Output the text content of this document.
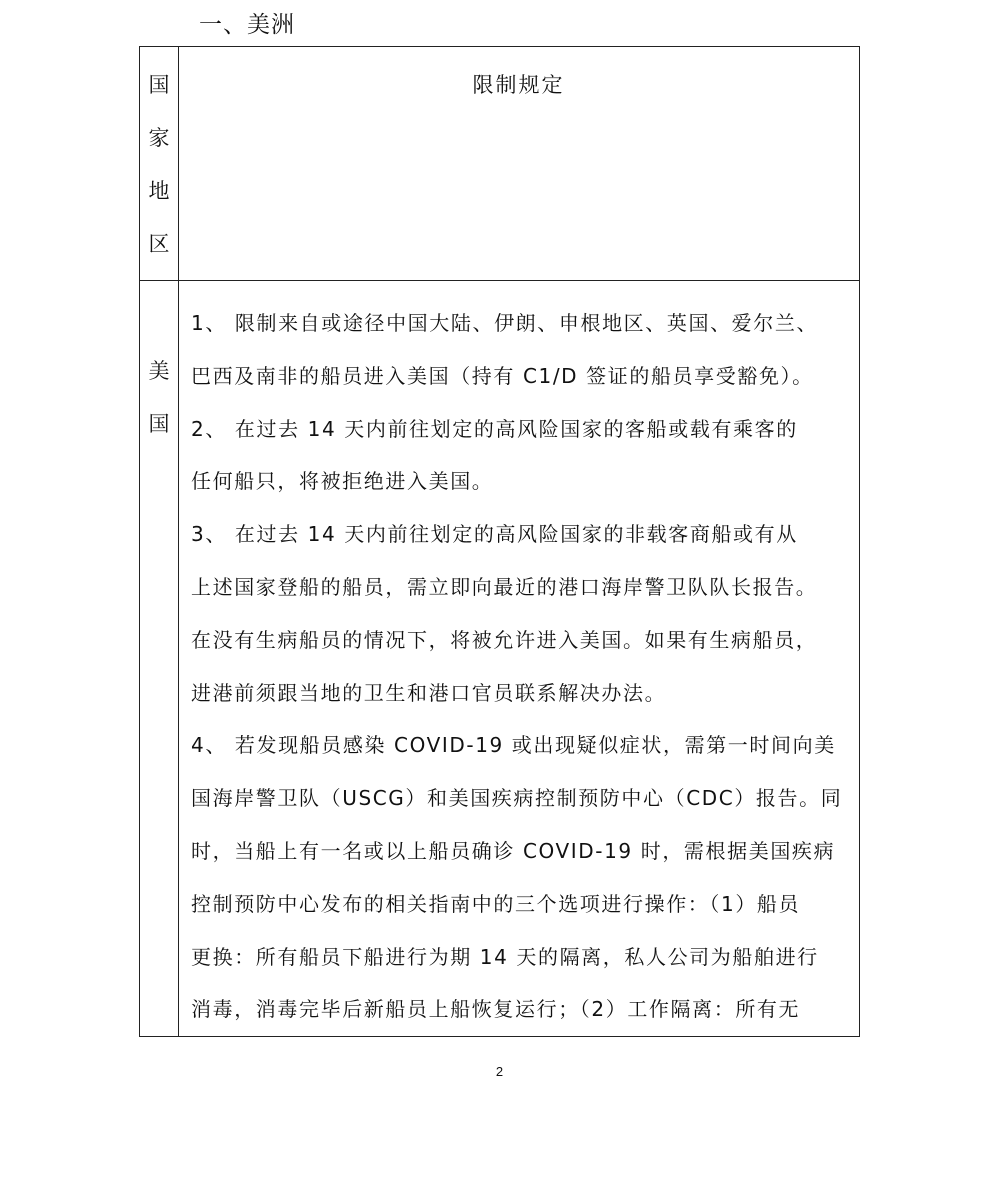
一、美洲
国
家
地
区
限制规定
美
国
1、 限制来自或途径中国大陆、伊朗、申根地区、英国、爱尔兰、
巴西及南非的船员进入美国（持有 C1/D 签证的船员享受豁免）。
2、 在过去 14 天内前往划定的高风险国家的客船或载有乘客的
任何船只，将被拒绝进入美国。
3、 在过去 14 天内前往划定的高风险国家的非载客商船或有从
上述国家登船的船员，需立即向最近的港口海岸警卫队队长报告。
在没有生病船员的情况下，将被允许进入美国。如果有生病船员，
进港前须跟当地的卫生和港口官员联系解决办法。
4、 若发现船员感染 COVID-19 或出现疑似症状，需第一时间向美
国海岸警卫队（USCG）和美国疾病控制预防中心（CDC）报告。同
时，当船上有一名或以上船员确诊 COVID-19 时，需根据美国疾病
控制预防中心发布的相关指南中的三个选项进行操作：（1）船员
更换：所有船员下船进行为期 14 天的隔离，私人公司为船舶进行
消毒，消毒完毕后新船员上船恢复运行；（2）工作隔离：所有无
2
